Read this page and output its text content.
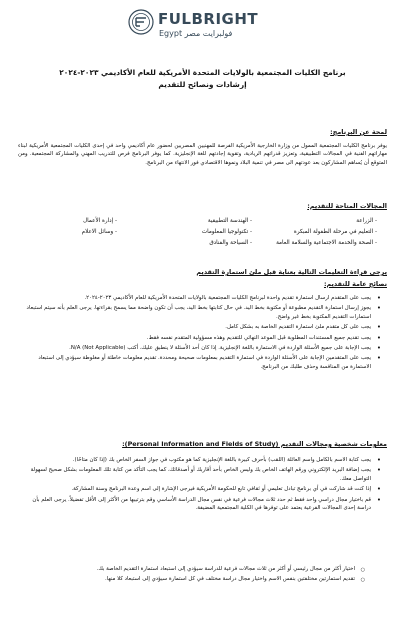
FULBRIGHT
Egypt فولبرايت مصر
برنامج الكليات المجتمعية بالولايات المتحدة الأمريكية للعام الأكاديمي ٢٠٢٣-٢٠٢٤
إرشادات ونصائح للتقديم
لمحة عن البرنامج:
يوفر برنامج الكليات المجتمعية الممول من وزارة الخارجية الأمريكية الفرصة للمهنيين المصريين لحضور عام أكاديمي واحد في إحدى الكليات المجتمعية الأمريكية لبناء مهاراتهم الفنية في المجالات التطبيقية، وتعزيز قدراتهم الريادية، وتقوية إجادتهم للغة الإنجليزية. كما يوفر البرنامج فرص للتدريب المهني والمشاركة المجتمعية. ومن المتوقع أن يُساهم المشاركون بعد عودتهم الى مصر في تنمية البلاد ونموها الاقتصادي فور الانتهاء من البرنامج.
المجالات المتاحة للتقديم:
- الزراعة
- التعليم في مرحلة الطفولة المبكرة
- الصحة والخدمة الاجتماعية والسلامة العامة
- الهندسة التطبيقية
- تكنولوجيا المعلومات
- السياحة والفنادق
- إدارة الأعمال
- وسائل الاعلام
يرجى قراءة التعليمات التالية بعناية قبل ملئ استمارة التقديم
نصائح عامة للتقديم:
• يجب على المتقدم ارسال استمارة تقديم واحدة لبرنامج الكليات المجتمعية بالولايات المتحدة الأمريكية للعام الأكاديمي ٢٠٢٣-٢٠٢٤.
• يجوز إرسال استمارة التقديم مطبوعة أو مكتوبة بخط اليد. في حال كتابتها بخط اليد، يجب أن تكون واضحة مما يسمح بقراءتها. يرجى العلم بأنه سيتم استبعاد استمارات التقديم المكتوبة بخط غير واضح.
• يجب على كل متقدم ملئ استمارة التقديم الخاصة به بشكل كامل.
• يجب تقديم جميع المستندات المطلوبة قبل الموعد النهائي للتقديم وهذه مسؤولية المتقدم نفسه فقط.
• يجب الإجابة على جميع الأسئلة الواردة في الاستمارة باللغة الإنجليزية. إذا كان أحد الأسئلة لا ينطبق عليك، أكتب N/A (Not Applicable).
• يجب على المتقدمين الإجابة على الأسئلة الواردة في استمارة التقديم بمعلومات صحيحة ومحددة. تقديم معلومات خاطئة أو مغلوطة سيؤدي إلى استبعاد الاستمارة من المنافسة وحذف طلبك من البرنامج.
معلومات شخصية ومجالات التقديم (Personal Information and Fields of Study):
• يجب كتابة الاسم بالكامل واسم العائلة (اللقب) بأحرف كبيرة باللغة الإنجليزية كما هو مكتوب في جواز السفر الخاص بك (إذا كان متاحًا).
• يجب إضافة البريد الإلكتروني ورقم الهاتف الخاص بك وليس الخاص بأحد أقاربك أو أصدقائك، كما يجب التأكد من كتابة تلك المعلومات بشكل صحيح لسهولة التواصل معك.
• إذا كنت قد شاركت في أي برنامج تبادل تعليمي أو ثقافي تابع للحكومة الأمريكية فيرجى الإشارة إلى اسم وعدة البرنامج وسنة المشاركة.
• قم باختيار مجال دراسي واحد فقط ثم حدد ثلاث مجالات فرعية في نفس مجال الدراسة الأساسي وقم بترتيبها من الأكثر إلى الأقل تفضيلاً. يرجى العلم بأن دراسة إحدى المجالات الفرعية يعتمد على توفرها في الكلية المجتمعية المضيفة.
○ اختيار أكثر من مجال رئيسي أو أكثر من ثلاث مجالات فرعية للدراسة سيؤدي إلى استبعاد استمارة التقديم الخاصة بك.
○ تقديم استمارتين مختلفتين بنفس الاسم واختيار مجال دراسة مختلف في كل استمارة سيؤدي إلى استبعاد كلا منها.
